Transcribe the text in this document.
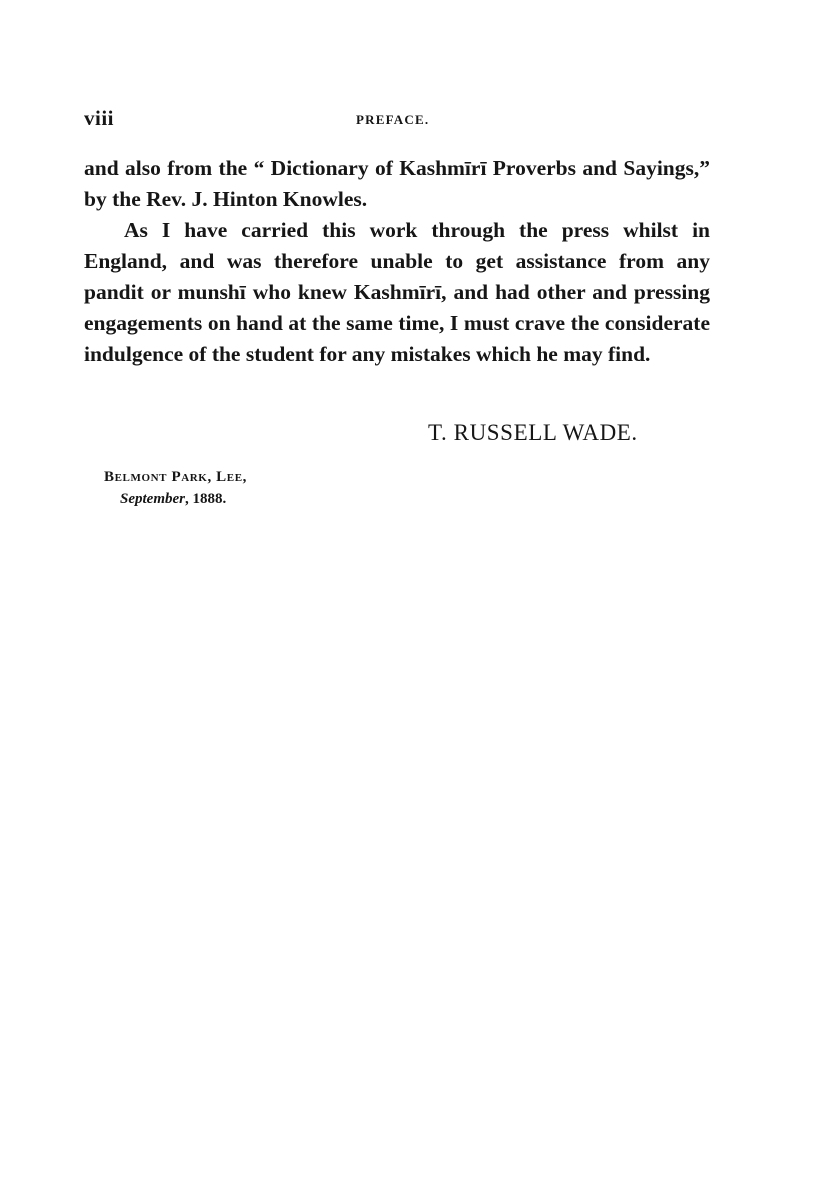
viii	PREFACE.

and also from the “ Dictionary of Kashmīrī Proverbs and Sayings,” by the Rev. J. Hinton Knowles.

As I have carried this work through the press whilst in England, and was therefore unable to get assistance from any pandit or munshī who knew Kashmīrī, and had other and pressing engagements on hand at the same time, I must crave the considerate indulgence of the student for any mistakes which he may find.

T. RUSSELL WADE.
Belmont Park, Lee,
September, 1888.
